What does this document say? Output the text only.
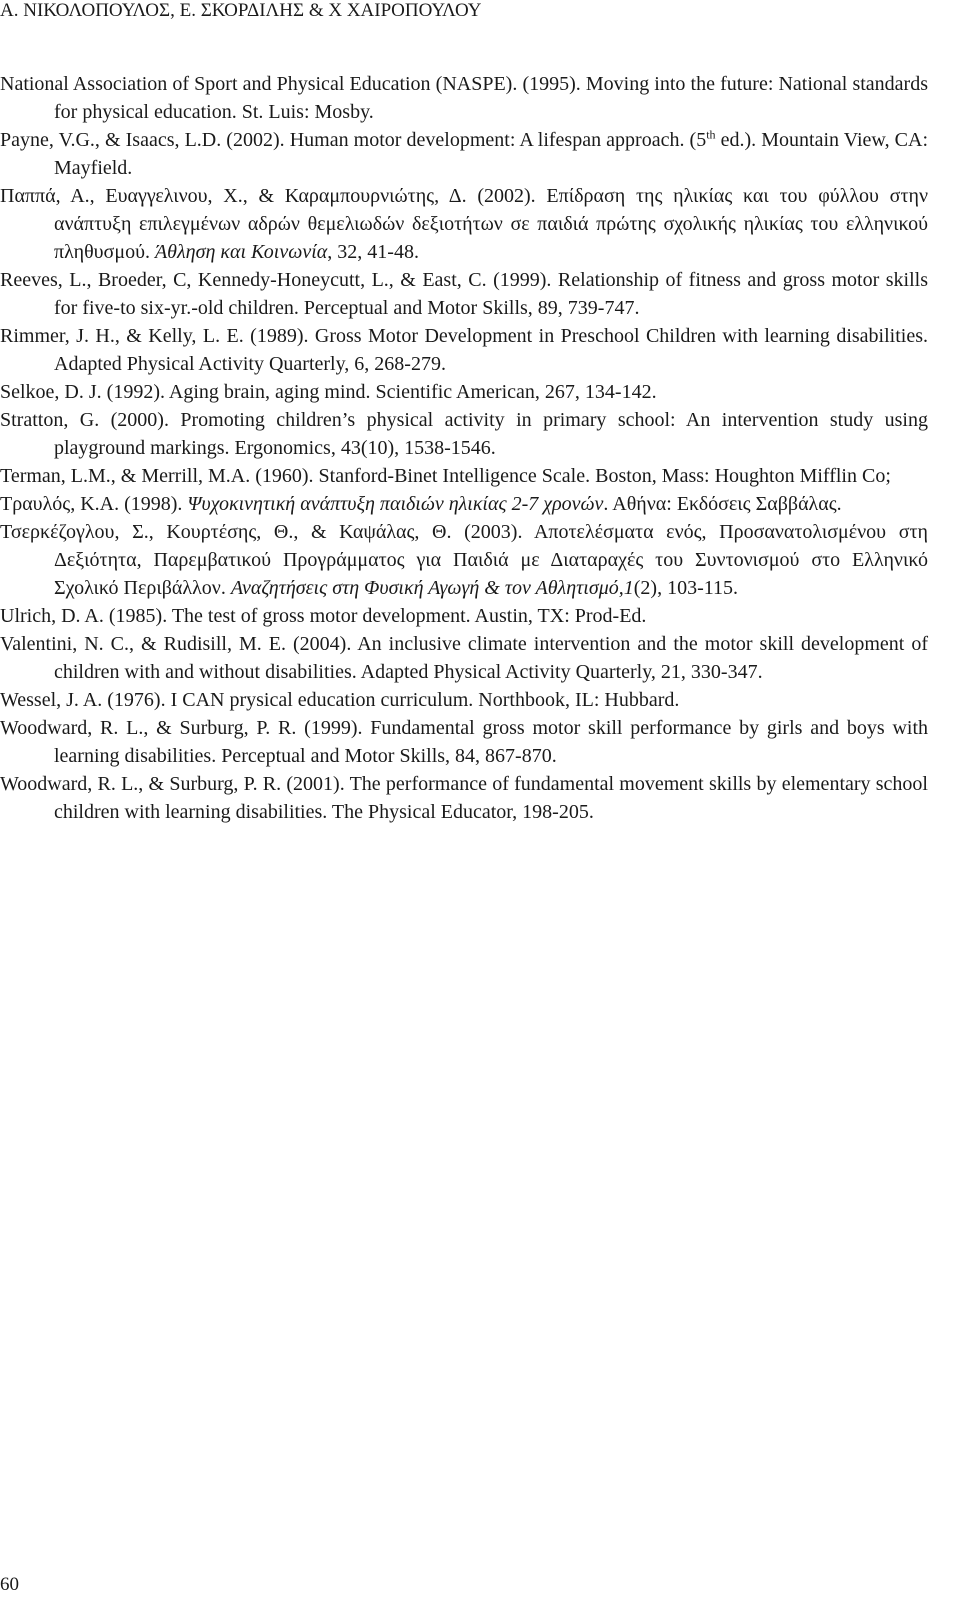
Α. ΝΙΚΟΛΟΠΟΥΛΟΣ, Ε. ΣΚΟΡΔΙΛΗΣ & Χ ΧΑΙΡΟΠΟΥΛΟΥ

National Association of Sport and Physical Education (NASPE). (1995). Moving into the future: National standards for physical education. St. Luis: Mosby.

Payne, V.G., & Isaacs, L.D. (2002). Human motor development: A lifespan approach. (5th ed.). Mountain View, CA: Mayfield.

Παππά, Α., Ευαγγελινου, Χ., & Καραμπουρνιώτης, Δ. (2002). Επίδραση της ηλικίας και του φύλλου στην ανάπτυξη επιλεγμένων αδρών θεμελιωδών δεξιοτήτων σε παιδιά πρώτης σχολικής ηλικίας του ελληνικού πληθυσμού. Άθληση και Κοινωνία, 32, 41-48.

Reeves, L., Broeder, C, Kennedy-Honeycutt, L., & East, C. (1999). Relationship of fitness and gross motor skills for five-to six-yr.-old children. Perceptual and Motor Skills, 89, 739-747.

Rimmer, J. H., & Kelly, L. E. (1989). Gross Motor Development in Preschool Children with learning disabilities. Adapted Physical Activity Quarterly, 6, 268-279.

Selkoe, D. J. (1992). Aging brain, aging mind. Scientific American, 267, 134-142.

Stratton, G. (2000). Promoting children’s physical activity in primary school: An intervention study using playground markings. Ergonomics, 43(10), 1538-1546.

Terman, L.M., & Merrill, M.A. (1960). Stanford-Binet Intelligence Scale. Boston, Mass: Houghton Mifflin Co;

Τραυλός, Κ.Α. (1998). Ψυχοκινητική ανάπτυξη παιδιών ηλικίας 2-7 χρονών. Αθήνα: Εκδόσεις Σαββάλας.

Τσερκέζογλου, Σ., Κουρτέσης, Θ., & Καψάλας, Θ. (2003). Αποτελέσματα ενός, Προσανατολισμένου στη Δεξιότητα, Παρεμβατικού Προγράμματος για Παιδιά με Διαταραχές του Συντονισμού στο Ελληνικό Σχολικό Περιβάλλον. Αναζητήσεις στη Φυσική Αγωγή & τον Αθλητισμό,1(2), 103-115.

Ulrich, D. A. (1985). The test of gross motor development. Austin, TX: Prod-Ed.

Valentini, N. C., & Rudisill, M. E. (2004). An inclusive climate intervention and the motor skill development of children with and without disabilities. Adapted Physical Activity Quarterly, 21, 330-347.

Wessel, J. A. (1976). I CAN prysical education curriculum. Northbook, IL: Hubbard.

Woodward, R. L., & Surburg, P. R. (1999). Fundamental gross motor skill performance by girls and boys with learning disabilities. Perceptual and Motor Skills, 84, 867-870.

Woodward, R. L., & Surburg, P. R. (2001). The performance of fundamental movement skills by elementary school children with learning disabilities. The Physical Educator, 198-205.

60
